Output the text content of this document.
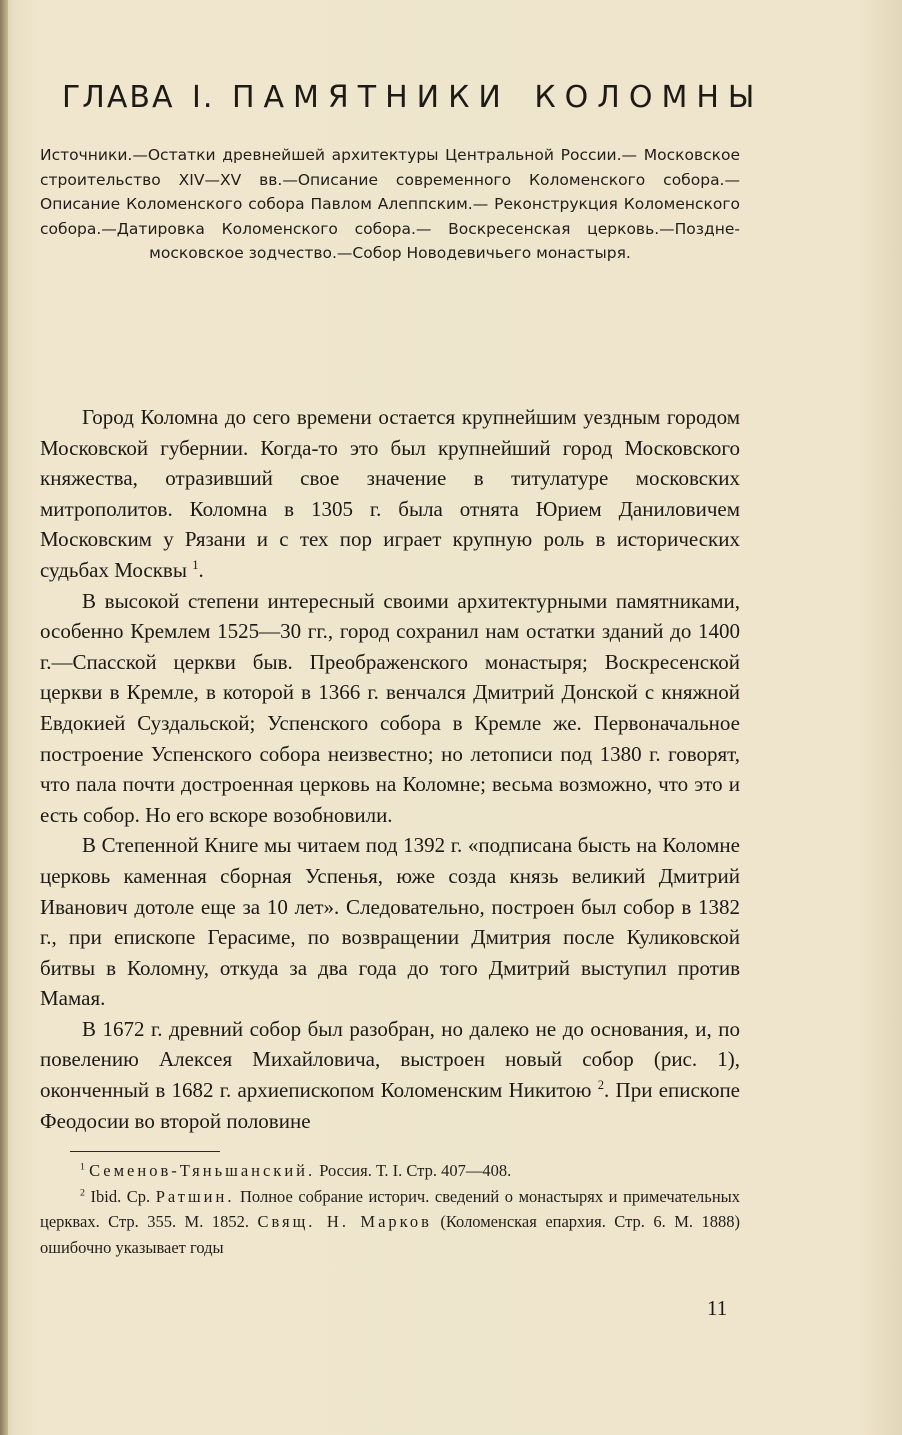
ГЛАВА I. ПАМЯТНИКИ КОЛОМНЫ
Источники.—Остатки древнейшей архитектуры Центральной России.— Московское строительство XIV—XV вв.—Описание современного Коломенского собора.—Описание Коломенского собора Павлом Алеппским.— Реконструкция Коломенского собора.—Датировка Коломенского собора.— Воскресенская церковь.—Поздне-московское зодчество.—Собор Новодевичьего монастыря.

Город Коломна до сего времени остается крупнейшим уездным городом Московской губернии. Когда-то это был крупнейший город Московского княжества, отразивший свое значение в титулатуре московских митрополитов. Коломна в 1305 г. была отнята Юрием Даниловичем Московским у Рязани и с тех пор играет крупную роль в исторических судьбах Москвы $^1$.

В высокой степени интересный своими архитектурными памятниками, особенно Кремлем 1525—30 гг., город сохранил нам остатки зданий до 1400 г.—Спасской церкви быв. Преображенского монастыря; Воскресенской церкви в Кремле, в которой в 1366 г. венчался Дмитрий Донской с княжной Евдокией Суздальской; Успенского собора в Кремле же. Первоначальное построение Успенского собора неизвестно; но летописи под 1380 г. говорят, что пала почти достроенная церковь на Коломне; весьма возможно, что это и есть собор. Но его вскоре возобновили.

В Степенной Книге мы читаем под 1392 г. «подписана бысть на Коломне церковь каменная сборная Успенья, юже созда князь великий Дмитрий Иванович дотоле еще за 10 лет». Следовательно, построен был собор в 1382 г., при епископе Герасиме, по возвращении Дмитрия после Куликовской битвы в Коломну, откуда за два года до того Дмитрий выступил против Мамая.

В 1672 г. древний собор был разобран, но далеко не до основания, и, по повелению Алексея Михайловича, выстроен новый собор (рис. 1), оконченный в 1682 г. архиепископом Коломенским Никитою $^2$. При епископе Феодосии во второй половине

$^1$ Семенов-Тяньшанский. Россия. Т. I. Стр. 407—408.

$^2$ Ibid. Ср. Ратшин. Полное собрание историч. сведений о монастырях и примечательных церквах. Стр. 355. М. 1852. Свящ. Н. Марков (Коломенская епархия. Стр. 6. М. 1888) ошибочно указывает годы

11
